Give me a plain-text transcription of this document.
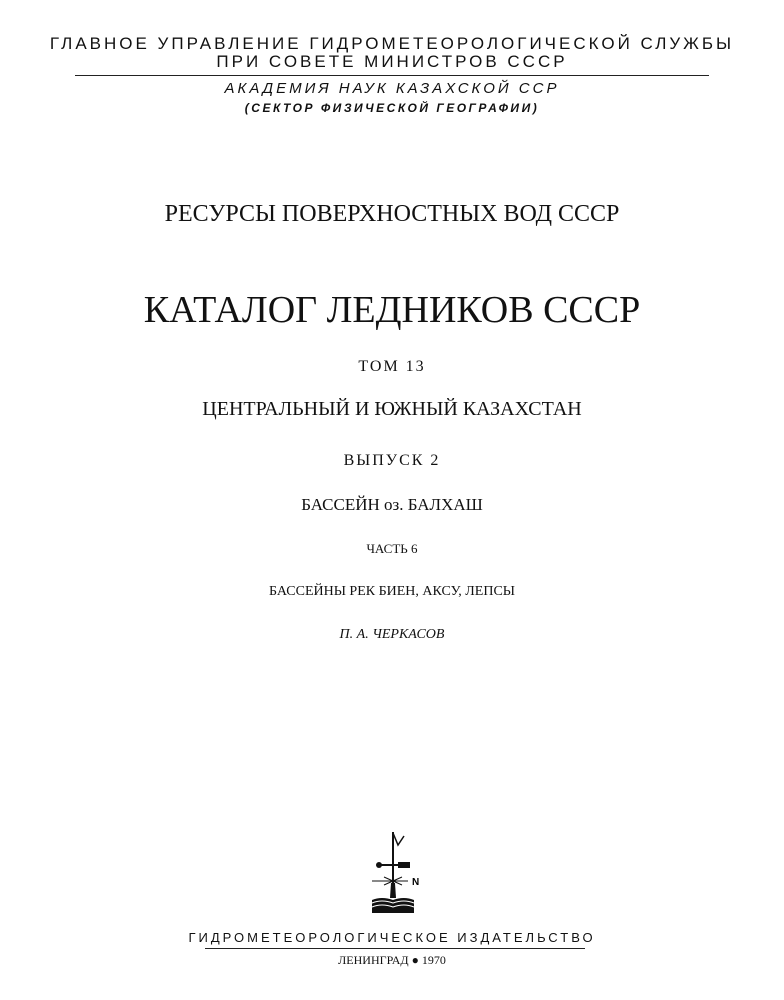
ГЛАВНОЕ УПРАВЛЕНИЕ ГИДРОМЕТЕОРОЛОГИЧЕСКОЙ СЛУЖБЫ
ПРИ СОВЕТЕ МИНИСТРОВ СССР
АКАДЕМИЯ НАУК КАЗАХСКОЙ ССР
(СЕКТОР ФИЗИЧЕСКОЙ ГЕОГРАФИИ)
РЕСУРСЫ ПОВЕРХНОСТНЫХ ВОД СССР
КАТАЛОГ ЛЕДНИКОВ СССР
ТОМ 13
ЦЕНТРАЛЬНЫЙ И ЮЖНЫЙ КАЗАХСТАН
ВЫПУСК 2
БАССЕЙН оз. БАЛХАШ
ЧАСТЬ 6
БАССЕЙНЫ РЕК БИЕН, АКСУ, ЛЕПСЫ
П. А. ЧЕРКАСОВ
N
ГИДРОМЕТЕОРОЛОГИЧЕСКОЕ ИЗДАТЕЛЬСТВО
ЛЕНИНГРАД ● 1970
